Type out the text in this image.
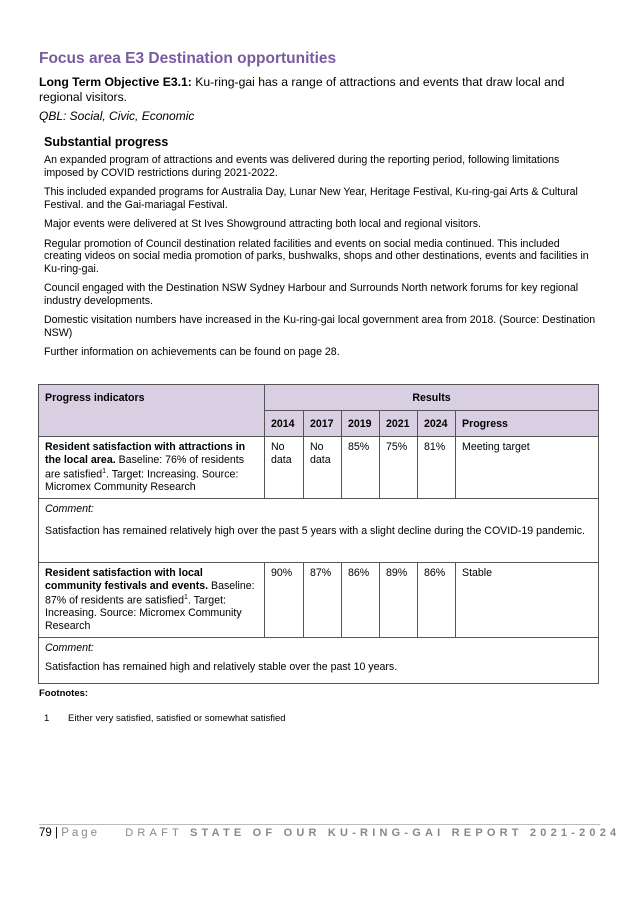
Focus area E3 Destination opportunities
Long Term Objective E3.1: Ku-ring-gai has a range of attractions and events that draw local and regional visitors.
QBL: Social, Civic, Economic
Substantial progress

An expanded program of attractions and events was delivered during the reporting period, following limitations imposed by COVID restrictions during 2021-2022.

This included expanded programs for Australia Day, Lunar New Year, Heritage Festival, Ku-ring-gai Arts & Cultural Festival. and the Gai-mariagal Festival.

Major events were delivered at St Ives Showground attracting both local and regional visitors.

Regular promotion of Council destination related facilities and events on social media continued. This included creating videos on social media promotion of parks, bushwalks, shops and other destinations, events and facilities in Ku-ring-gai.

Council engaged with the Destination NSW Sydney Harbour and Surrounds North network forums for key regional industry developments.

Domestic visitation numbers have increased in the Ku-ring-gai local government area from 2018. (Source: Destination NSW)

Further information on achievements can be found on page 28.

Progress indicators	Results					
	2014	2017	2019	2021	2024	Progress
Resident satisfaction with attractions in the local area. Baseline: 76% of residents are satisfied$^1$. Target: Increasing. Source: Micromex Community Research	No data	No data	85%	75%	81%	Meeting target

Comment:
Satisfaction has remained relatively high over the past 5 years with a slight decline during the COVID-19 pandemic.						

Resident satisfaction with local community festivals and events. Baseline: 87% of residents are satisfied$^1$. Target: Increasing. Source: Micromex Community Research	90%	87%	86%	89%	86%	Stable

Comment:
Satisfaction has remained high and relatively stable over the past 10 years.						
Footnotes:
1 Either very satisfied, satisfied or somewhat satisfied
79 | Page DRAFT STATE OF OUR KU-RING-GAI REPORT 2021-2024
